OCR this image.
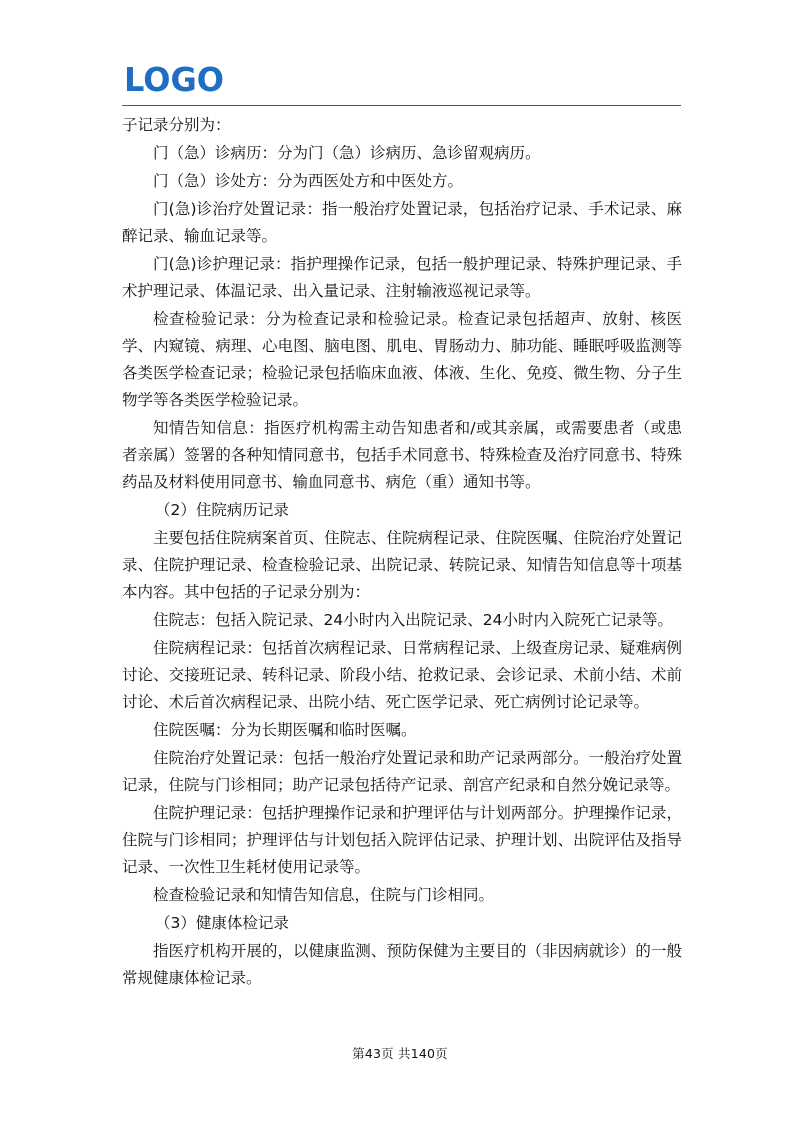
LOGO

子记录分别为：

门（急）诊病历：分为门（急）诊病历、急诊留观病历。

门（急）诊处方：分为西医处方和中医处方。

门(急)诊治疗处置记录：指一般治疗处置记录，包括治疗记录、手术记录、麻醉记录、输血记录等。

门(急)诊护理记录：指护理操作记录，包括一般护理记录、特殊护理记录、手术护理记录、体温记录、出入量记录、注射输液巡视记录等。

检查检验记录：分为检查记录和检验记录。检查记录包括超声、放射、核医学、内窥镜、病理、心电图、脑电图、肌电、胃肠动力、肺功能、睡眠呼吸监测等各类医学检查记录；检验记录包括临床血液、体液、生化、免疫、微生物、分子生物学等各类医学检验记录。

知情告知信息：指医疗机构需主动告知患者和/或其亲属，或需要患者（或患者亲属）签署的各种知情同意书，包括手术同意书、特殊检查及治疗同意书、特殊药品及材料使用同意书、输血同意书、病危（重）通知书等。

（2）住院病历记录

主要包括住院病案首页、住院志、住院病程记录、住院医嘱、住院治疗处置记录、住院护理记录、检查检验记录、出院记录、转院记录、知情告知信息等十项基本内容。其中包括的子记录分别为：

住院志：包括入院记录、24小时内入出院记录、24小时内入院死亡记录等。

住院病程记录：包括首次病程记录、日常病程记录、上级查房记录、疑难病例讨论、交接班记录、转科记录、阶段小结、抢救记录、会诊记录、术前小结、术前讨论、术后首次病程记录、出院小结、死亡医学记录、死亡病例讨论记录等。

住院医嘱：分为长期医嘱和临时医嘱。

住院治疗处置记录：包括一般治疗处置记录和助产记录两部分。一般治疗处置记录，住院与门诊相同；助产记录包括待产记录、剖宫产纪录和自然分娩记录等。

住院护理记录：包括护理操作记录和护理评估与计划两部分。护理操作记录，住院与门诊相同；护理评估与计划包括入院评估记录、护理计划、出院评估及指导记录、一次性卫生耗材使用记录等。

检查检验记录和知情告知信息，住院与门诊相同。

（3）健康体检记录

指医疗机构开展的，以健康监测、预防保健为主要目的（非因病就诊）的一般常规健康体检记录。

第43页 共140页
